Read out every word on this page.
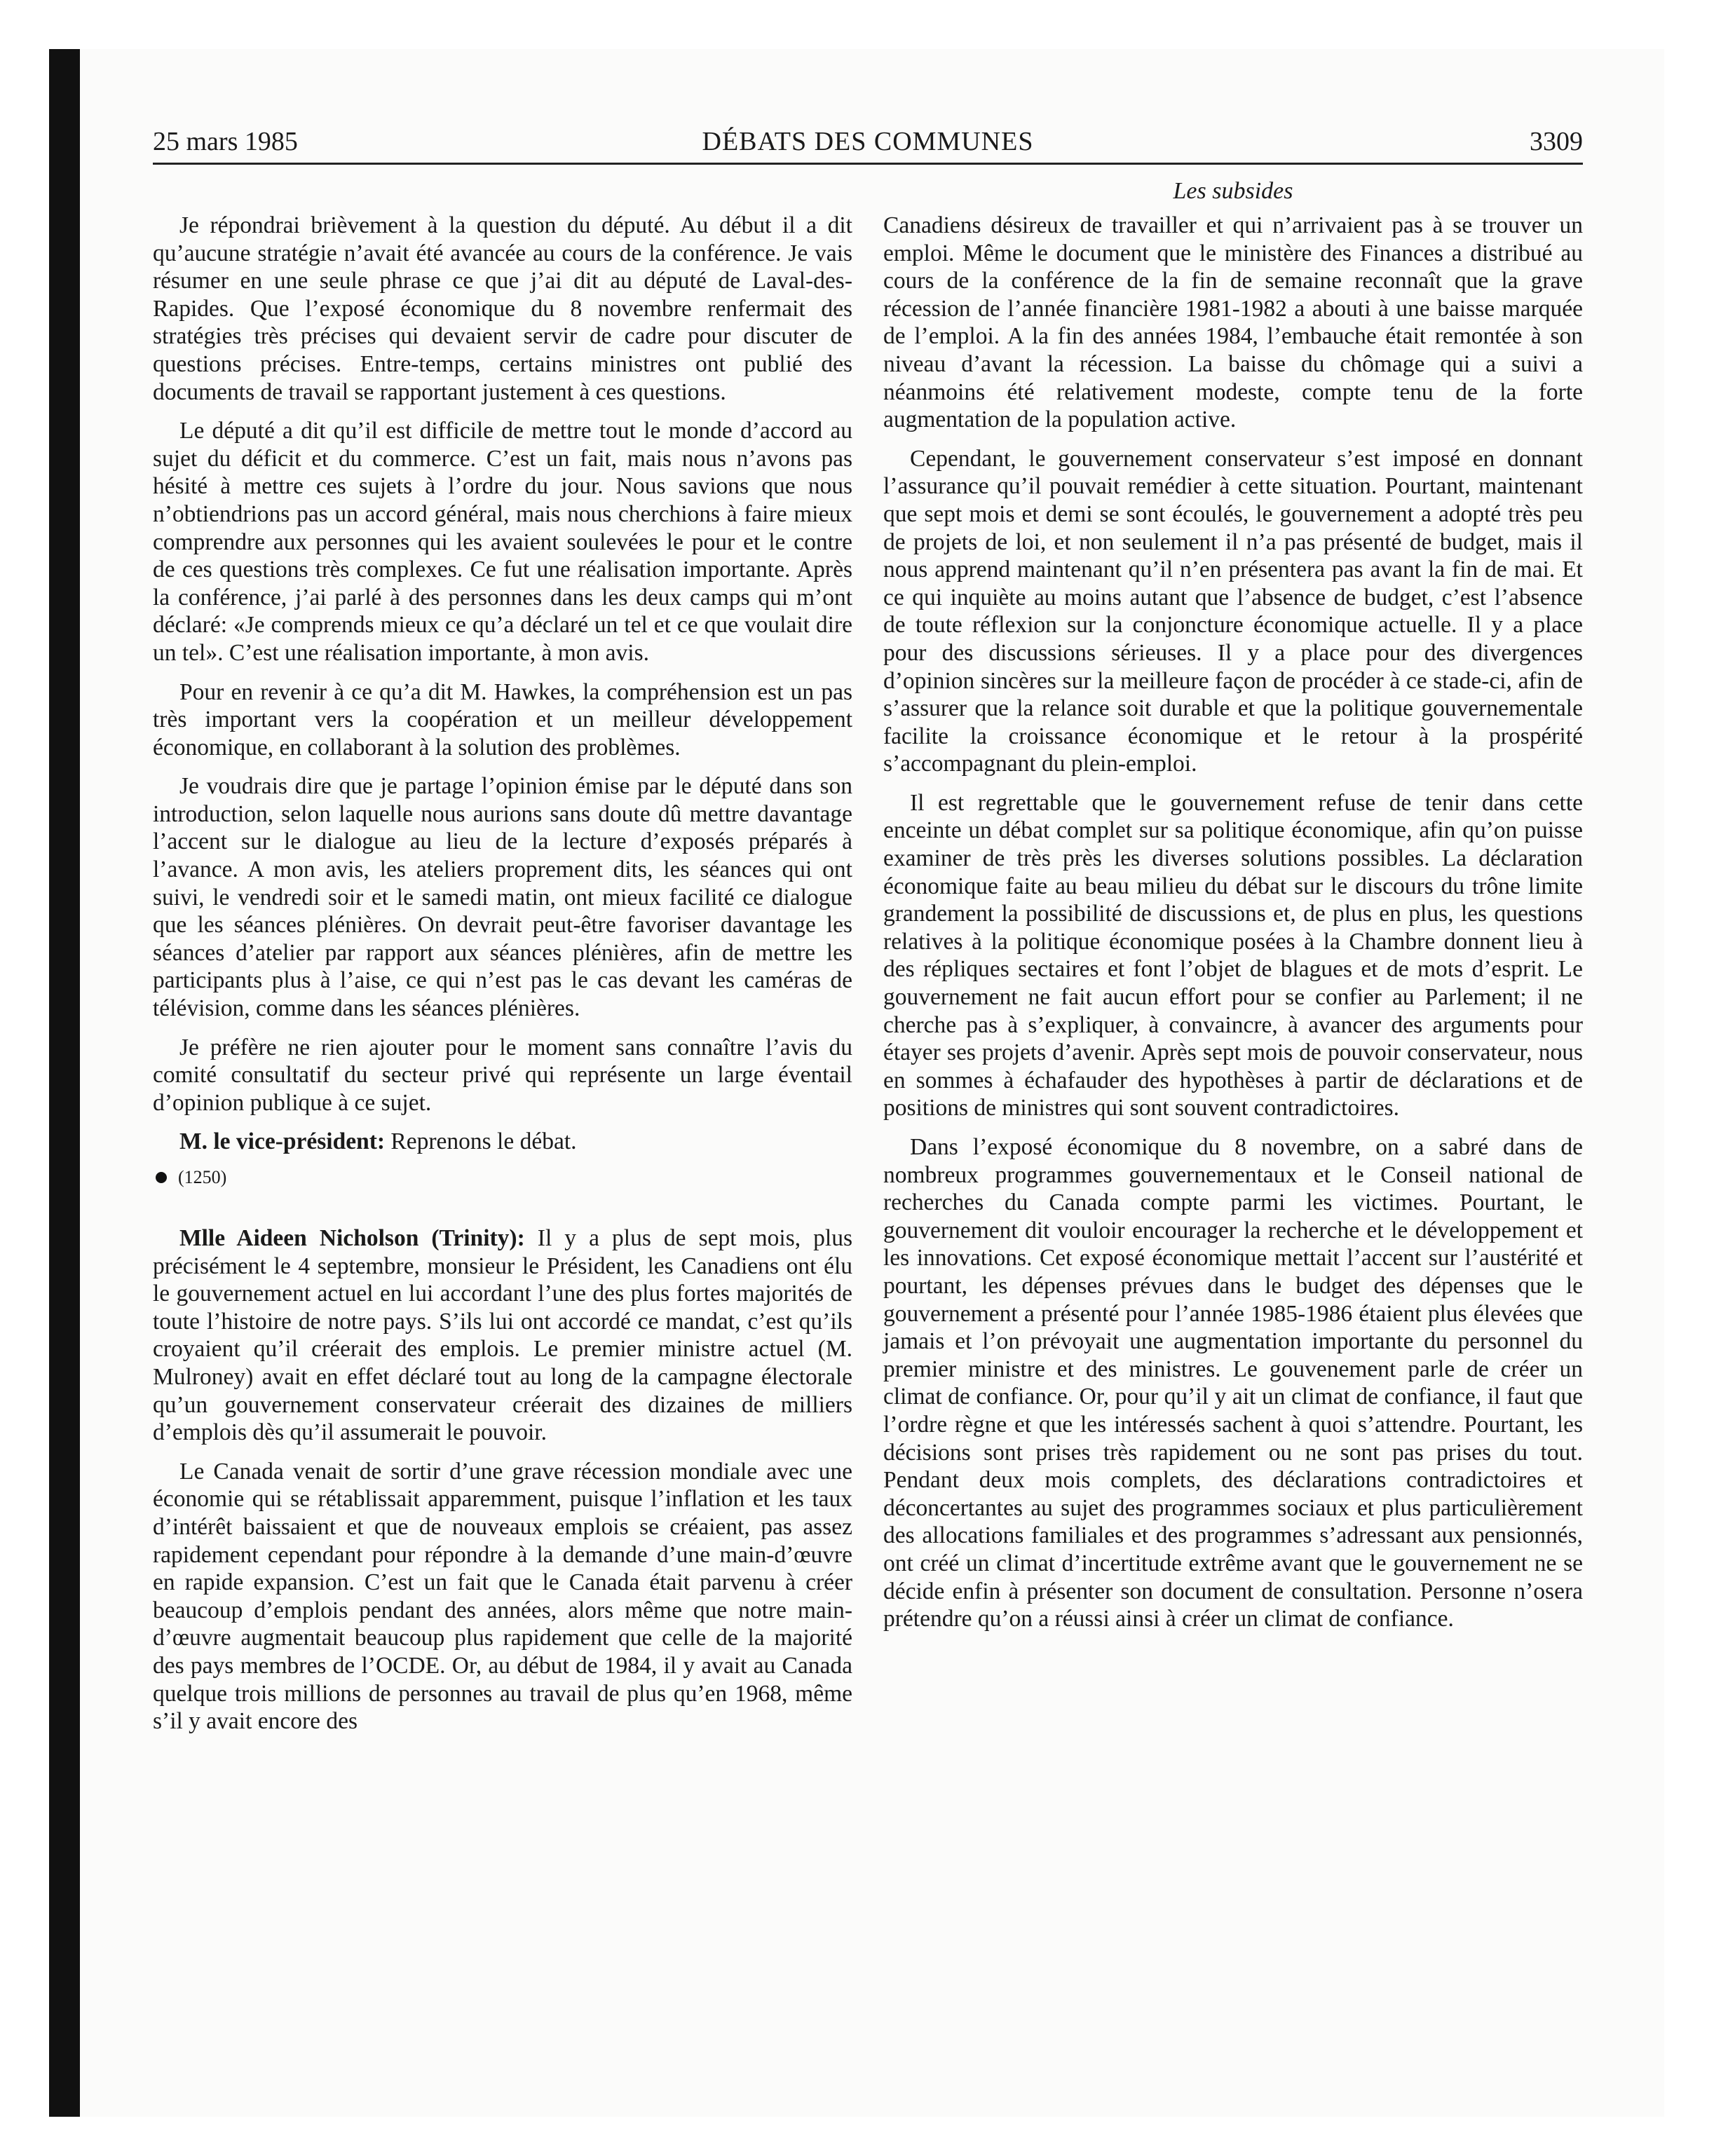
25 mars 1985	DÉBATS DES COMMUNES	3309
Les subsides

Je répondrai brièvement à la question du député. Au début il a dit qu’aucune stratégie n’avait été avancée au cours de la conférence. Je vais résumer en une seule phrase ce que j’ai dit au député de Laval-des-Rapides. Que l’exposé économique du 8 novembre renfermait des stratégies très précises qui devaient servir de cadre pour discuter de questions précises. Entre-temps, certains ministres ont publié des documents de travail se rapportant justement à ces questions.

Le député a dit qu’il est difficile de mettre tout le monde d’accord au sujet du déficit et du commerce. C’est un fait, mais nous n’avons pas hésité à mettre ces sujets à l’ordre du jour. Nous savions que nous n’obtiendrions pas un accord général, mais nous cherchions à faire mieux comprendre aux personnes qui les avaient soulevées le pour et le contre de ces questions très complexes. Ce fut une réalisation importante. Après la conférence, j’ai parlé à des personnes dans les deux camps qui m’ont déclaré: «Je comprends mieux ce qu’a déclaré un tel et ce que voulait dire un tel». C’est une réalisation importante, à mon avis.

Pour en revenir à ce qu’a dit M. Hawkes, la compréhension est un pas très important vers la coopération et un meilleur développement économique, en collaborant à la solution des problèmes.

Je voudrais dire que je partage l’opinion émise par le député dans son introduction, selon laquelle nous aurions sans doute dû mettre davantage l’accent sur le dialogue au lieu de la lecture d’exposés préparés à l’avance. A mon avis, les ateliers proprement dits, les séances qui ont suivi, le vendredi soir et le samedi matin, ont mieux facilité ce dialogue que les séances plénières. On devrait peut-être favoriser davantage les séances d’atelier par rapport aux séances plénières, afin de mettre les participants plus à l’aise, ce qui n’est pas le cas devant les caméras de télévision, comme dans les séances plénières.

Je préfère ne rien ajouter pour le moment sans connaître l’avis du comité consultatif du secteur privé qui représente un large éventail d’opinion publique à ce sujet.

M. le vice-président: Reprenons le débat.

(1250)

Mlle Aideen Nicholson (Trinity): Il y a plus de sept mois, plus précisément le 4 septembre, monsieur le Président, les Canadiens ont élu le gouvernement actuel en lui accordant l’une des plus fortes majorités de toute l’histoire de notre pays. S’ils lui ont accordé ce mandat, c’est qu’ils croyaient qu’il créerait des emplois. Le premier ministre actuel (M. Mulroney) avait en effet déclaré tout au long de la campagne électorale qu’un gouvernement conservateur créerait des dizaines de milliers d’emplois dès qu’il assumerait le pouvoir.

Le Canada venait de sortir d’une grave récession mondiale avec une économie qui se rétablissait apparemment, puisque l’inflation et les taux d’intérêt baissaient et que de nouveaux emplois se créaient, pas assez rapidement cependant pour répondre à la demande d’une main-d’œuvre en rapide expansion. C’est un fait que le Canada était parvenu à créer beaucoup d’emplois pendant des années, alors même que notre main-d’œuvre augmentait beaucoup plus rapidement que celle de la majorité des pays membres de l’OCDE. Or, au début de 1984, il y avait au Canada quelque trois millions de personnes au travail de plus qu’en 1968, même s’il y avait encore des

Canadiens désireux de travailler et qui n’arrivaient pas à se trouver un emploi. Même le document que le ministère des Finances a distribué au cours de la conférence de la fin de semaine reconnaît que la grave récession de l’année financière 1981-1982 a abouti à une baisse marquée de l’emploi. A la fin des années 1984, l’embauche était remontée à son niveau d’avant la récession. La baisse du chômage qui a suivi a néanmoins été relativement modeste, compte tenu de la forte augmentation de la population active.

Cependant, le gouvernement conservateur s’est imposé en donnant l’assurance qu’il pouvait remédier à cette situation. Pourtant, maintenant que sept mois et demi se sont écoulés, le gouvernement a adopté très peu de projets de loi, et non seulement il n’a pas présenté de budget, mais il nous apprend maintenant qu’il n’en présentera pas avant la fin de mai. Et ce qui inquiète au moins autant que l’absence de budget, c’est l’absence de toute réflexion sur la conjoncture économique actuelle. Il y a place pour des discussions sérieuses. Il y a place pour des divergences d’opinion sincères sur la meilleure façon de procéder à ce stade-ci, afin de s’assurer que la relance soit durable et que la politique gouvernementale facilite la croissance économique et le retour à la prospérité s’accompagnant du plein-emploi.

Il est regrettable que le gouvernement refuse de tenir dans cette enceinte un débat complet sur sa politique économique, afin qu’on puisse examiner de très près les diverses solutions possibles. La déclaration économique faite au beau milieu du débat sur le discours du trône limite grandement la possibilité de discussions et, de plus en plus, les questions relatives à la politique économique posées à la Chambre donnent lieu à des répliques sectaires et font l’objet de blagues et de mots d’esprit. Le gouvernement ne fait aucun effort pour se confier au Parlement; il ne cherche pas à s’expliquer, à convaincre, à avancer des arguments pour étayer ses projets d’avenir. Après sept mois de pouvoir conservateur, nous en sommes à échafauder des hypothèses à partir de déclarations et de positions de ministres qui sont souvent contradictoires.

Dans l’exposé économique du 8 novembre, on a sabré dans de nombreux programmes gouvernementaux et le Conseil national de recherches du Canada compte parmi les victimes. Pourtant, le gouvernement dit vouloir encourager la recherche et le développement et les innovations. Cet exposé économique mettait l’accent sur l’austérité et pourtant, les dépenses prévues dans le budget des dépenses que le gouvernement a présenté pour l’année 1985-1986 étaient plus élevées que jamais et l’on prévoyait une augmentation importante du personnel du premier ministre et des ministres. Le gouvenement parle de créer un climat de confiance. Or, pour qu’il y ait un climat de confiance, il faut que l’ordre règne et que les intéressés sachent à quoi s’attendre. Pourtant, les décisions sont prises très rapidement ou ne sont pas prises du tout. Pendant deux mois complets, des déclarations contradictoires et déconcertantes au sujet des programmes sociaux et plus particulièrement des allocations familiales et des programmes s’adressant aux pensionnés, ont créé un climat d’incertitude extrême avant que le gouvernement ne se décide enfin à présenter son document de consultation. Personne n’osera prétendre qu’on a réussi ainsi à créer un climat de confiance.
